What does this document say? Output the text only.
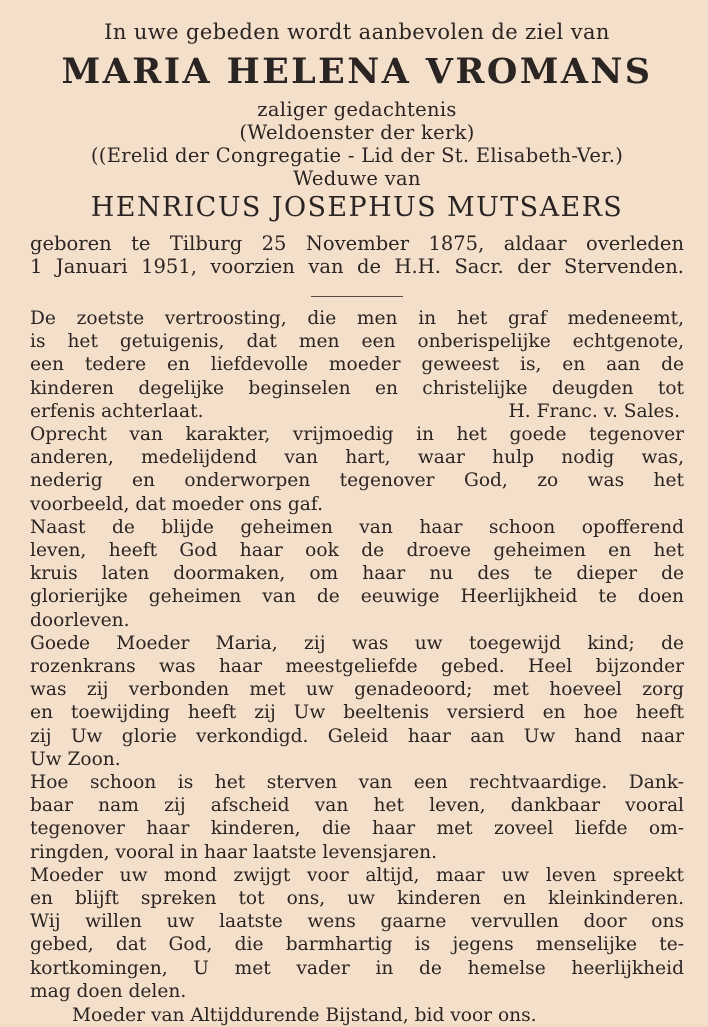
In uwe gebeden wordt aanbevolen de ziel van
MARIA HELENA VROMANS
zaliger gedachtenis
(Weldoenster der kerk)
((Erelid der Congregatie - Lid der St. Elisabeth-Ver.)
Weduwe van
HENRICUS JOSEPHUS MUTSAERS
geboren te Tilburg 25 November 1875, aldaar overleden
1 Januari 1951, voorzien van de H.H. Sacr. der Stervenden.
De zoetste vertroosting, die men in het graf medeneemt,
is het getuigenis, dat men een onberispelijke echtgenote,
een tedere en liefdevolle moeder geweest is, en aan de
kinderen degelijke beginselen en christelijke deugden tot
erfenis achterlaat.	H. Franc. v. Sales.
Oprecht van karakter, vrijmoedig in het goede tegenover
anderen, medelijdend van hart, waar hulp nodig was,
nederig en onderworpen tegenover God, zo was het
voorbeeld, dat moeder ons gaf.
Naast de blijde geheimen van haar schoon opofferend
leven, heeft God haar ook de droeve geheimen en het
kruis laten doormaken, om haar nu des te dieper de
glorierijke geheimen van de eeuwige Heerlijkheid te doen
doorleven.
Goede Moeder Maria, zij was uw toegewijd kind; de
rozenkrans was haar meestgeliefde gebed. Heel bijzonder
was zij verbonden met uw genadeoord; met hoeveel zorg
en toewijding heeft zij Uw beeltenis versierd en hoe heeft
zij Uw glorie verkondigd. Geleid haar aan Uw hand naar
Uw Zoon.
Hoe schoon is het sterven van een rechtvaardige. Dank-
baar nam zij afscheid van het leven, dankbaar vooral
tegenover haar kinderen, die haar met zoveel liefde om-
ringden, vooral in haar laatste levensjaren.
Moeder uw mond zwijgt voor altijd, maar uw leven spreekt
en blijft spreken tot ons, uw kinderen en kleinkinderen.
Wij willen uw laatste wens gaarne vervullen door ons
gebed, dat God, die barmhartig is jegens menselijke te-
kortkomingen, U met vader in de hemelse heerlijkheid
mag doen delen.
Moeder van Altijddurende Bijstand, bid voor ons.
